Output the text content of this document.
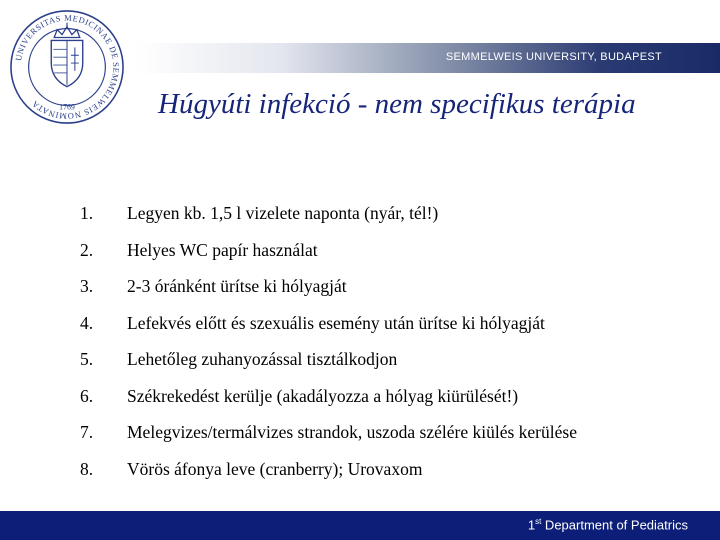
UNIVERSITAS MEDICINAE DE SEMMELWEIS NOMINATA	1769
SEMMELWEIS UNIVERSITY, BUDAPEST
Húgyúti infekció - nem specifikus terápia
1.	Legyen kb. 1,5 l vizelete naponta (nyár, tél!)
2.	Helyes WC papír használat
3.	2-3 óránként ürítse ki hólyagját
4.	Lefekvés előtt és szexuális esemény után ürítse ki hólyagját
5.	Lehetőleg zuhanyozással tisztálkodjon
6.	Székrekedést kerülje (akadályozza a hólyag kiürülését!)
7.	Melegvizes/termálvizes strandok, uszoda szélére kiülés kerülése
8.	Vörös áfonya leve (cranberry); Urovaxom
1st Department of Pediatrics
